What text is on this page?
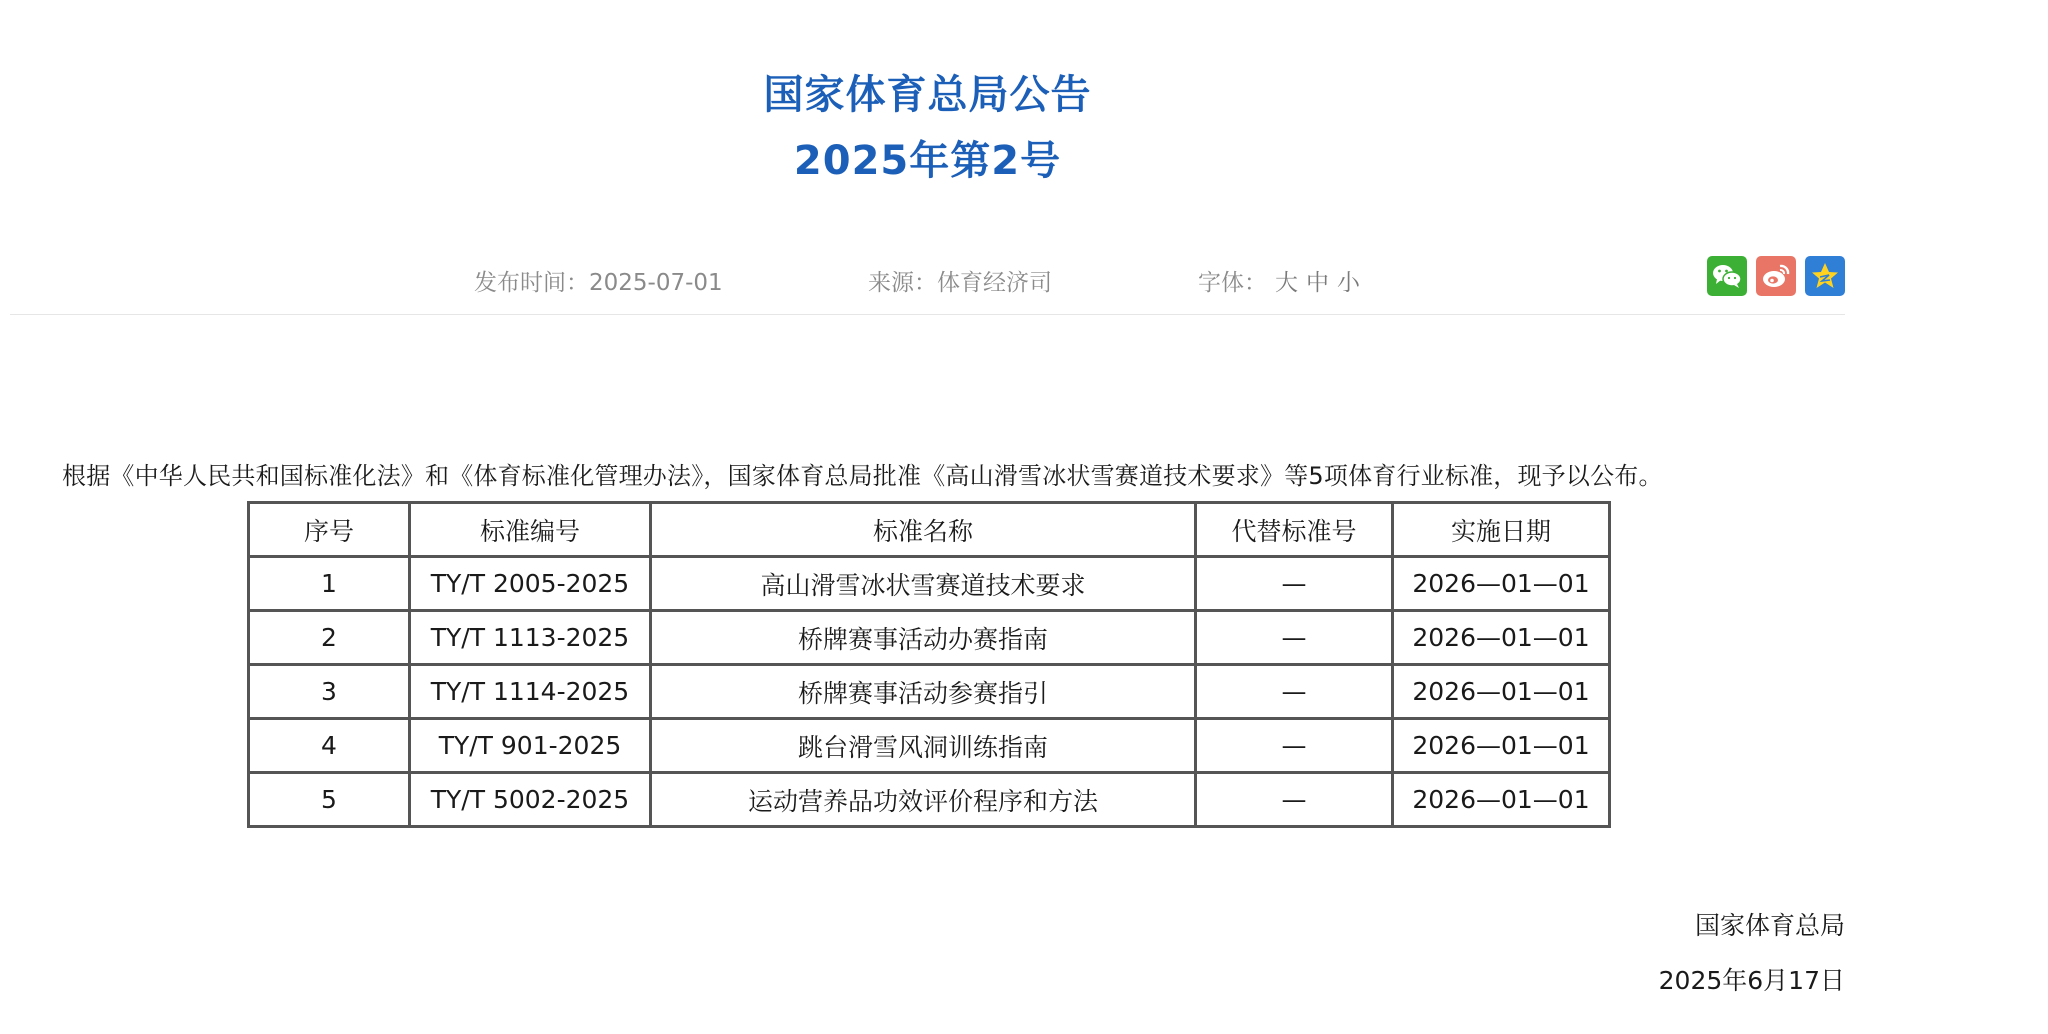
国家体育总局公告
2025年第2号
发布时间：2025-07-01	来源：体育经济司	字体： 大 中 小
根据《中华人民共和国标准化法》和《体育标准化管理办法》，国家体育总局批准《高山滑雪冰状雪赛道技术要求》等5项体育行业标准，现予以公布。
序号	标准编号	标准名称	代替标准号	实施日期
1	TY/T 2005-2025	高山滑雪冰状雪赛道技术要求	—	2026—01—01
2	TY/T 1113-2025	桥牌赛事活动办赛指南	—	2026—01—01
3	TY/T 1114-2025	桥牌赛事活动参赛指引	—	2026—01—01
4	TY/T 901-2025	跳台滑雪风洞训练指南	—	2026—01—01
5	TY/T 5002-2025	运动营养品功效评价程序和方法	—	2026—01—01
国家体育总局
2025年6月17日
